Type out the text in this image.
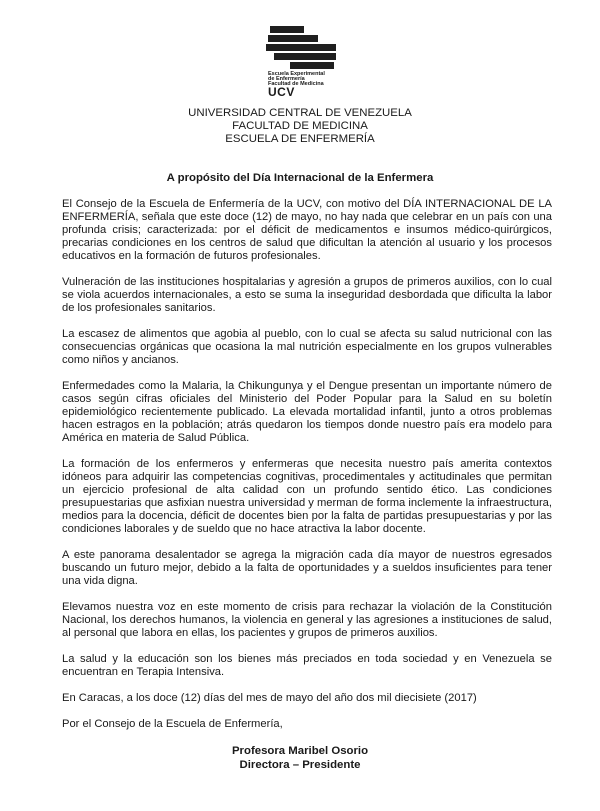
Escuela Experimental
de Enfermería
Facultad de Medicina
UCV
UNIVERSIDAD CENTRAL DE VENEZUELA
FACULTAD DE MEDICINA
ESCUELA DE ENFERMERÍA
A propósito del Día Internacional de la Enfermera

El Consejo de la Escuela de Enfermería de la UCV, con motivo del DÍA INTERNACIONAL DE LA ENFERMERÍA, señala que este doce (12) de mayo, no hay nada que celebrar en un país con una profunda crisis; caracterizada: por el déficit de medicamentos e insumos médico-quirúrgicos, precarias condiciones en los centros de salud que dificultan la atención al usuario y los procesos educativos en la formación de futuros profesionales.

Vulneración de las instituciones hospitalarias y agresión a grupos de primeros auxilios, con lo cual se viola acuerdos internacionales, a esto se suma la inseguridad desbordada que dificulta la labor de los profesionales sanitarios.

La escasez de alimentos que agobia al pueblo, con lo cual se afecta su salud nutricional con las consecuencias orgánicas que ocasiona la mal nutrición especialmente en los grupos vulnerables como niños y ancianos.

Enfermedades como la Malaria, la Chikungunya y el Dengue presentan un importante número de casos según cifras oficiales del Ministerio del Poder Popular para la Salud en su boletín epidemiológico recientemente publicado. La elevada mortalidad infantil, junto a otros problemas hacen estragos en la población; atrás quedaron los tiempos donde nuestro país era modelo para América en materia de Salud Pública.

La formación de los enfermeros y enfermeras que necesita nuestro país amerita contextos idóneos para adquirir las competencias cognitivas, procedimentales y actitudinales que permitan un ejercicio profesional de alta calidad con un profundo sentido ético. Las condiciones presupuestarias que asfixian nuestra universidad y merman de forma inclemente la infraestructura, medios para la docencia, déficit de docentes bien por la falta de partidas presupuestarias y por las condiciones laborales y de sueldo que no hace atractiva la labor docente.

A este panorama desalentador se agrega la migración cada día mayor de nuestros egresados buscando un futuro mejor, debido a la falta de oportunidades y a sueldos insuficientes para tener una vida digna.

Elevamos nuestra voz en este momento de crisis para rechazar la violación de la Constitución Nacional, los derechos humanos, la violencia en general y las agresiones a instituciones de salud, al personal que labora en ellas, los pacientes y grupos de primeros auxilios.

La salud y la educación son los bienes más preciados en toda sociedad y en Venezuela se encuentran en Terapia Intensiva.

En Caracas, a los doce (12) días del mes de mayo del año dos mil diecisiete (2017)

Por el Consejo de la Escuela de Enfermería,

Profesora Maribel Osorio
Directora – Presidente
